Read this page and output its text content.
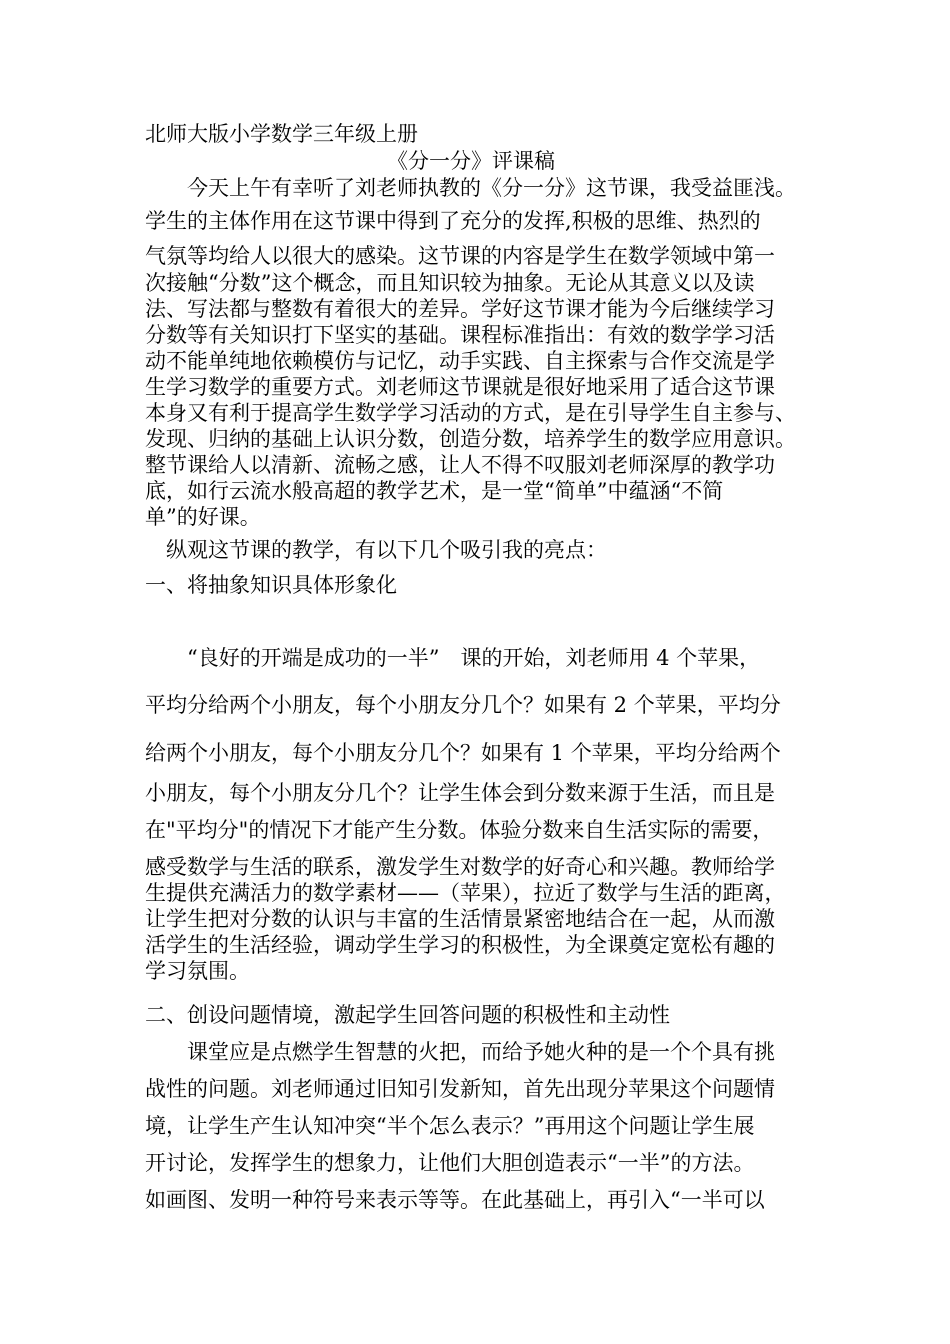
北师大版小学数学三年级上册
《分一分》评课稿
　　今天上午有幸听了刘老师执教的《分一分》这节课，我受益匪浅。
学生的主体作用在这节课中得到了充分的发挥,积极的思维、热烈的
气氛等均给人以很大的感染。这节课的内容是学生在数学领域中第一
次接触“分数”这个概念，而且知识较为抽象。无论从其意义以及读
法、写法都与整数有着很大的差异。学好这节课才能为今后继续学习
分数等有关知识打下坚实的基础。课程标准指出：有效的数学学习活
动不能单纯地依赖模仿与记忆，动手实践、自主探索与合作交流是学
生学习数学的重要方式。刘老师这节课就是很好地采用了适合这节课
本身又有利于提高学生数学学习活动的方式，是在引导学生自主参与、
发现、归纳的基础上认识分数，创造分数，培养学生的数学应用意识。
整节课给人以清新、流畅之感，让人不得不叹服刘老师深厚的教学功
底，如行云流水般高超的教学艺术，是一堂“简单”中蕴涵“不简
单”的好课。
　纵观这节课的教学，有以下几个吸引我的亮点：
一、将抽象知识具体形象化
　　“良好的开端是成功的一半”　课的开始，刘老师用 4 个苹果，
平均分给两个小朋友，每个小朋友分几个？如果有 2 个苹果，平均分
给两个小朋友，每个小朋友分几个？如果有 1 个苹果，平均分给两个
小朋友，每个小朋友分几个？让学生体会到分数来源于生活，而且是
在"平均分"的情况下才能产生分数。体验分数来自生活实际的需要，
感受数学与生活的联系，激发学生对数学的好奇心和兴趣。教师给学
生提供充满活力的数学素材——（苹果），拉近了数学与生活的距离，
让学生把对分数的认识与丰富的生活情景紧密地结合在一起，从而激
活学生的生活经验，调动学生学习的积极性，为全课奠定宽松有趣的
学习氛围。
二、创设问题情境，激起学生回答问题的积极性和主动性
　　课堂应是点燃学生智慧的火把，而给予她火种的是一个个具有挑
战性的问题。刘老师通过旧知引发新知，首先出现分苹果这个问题情
境，让学生产生认知冲突“半个怎么表示？”再用这个问题让学生展
开讨论，发挥学生的想象力，让他们大胆创造表示“一半”的方法。
如画图、发明一种符号来表示等等。在此基础上，再引入“一半可以
